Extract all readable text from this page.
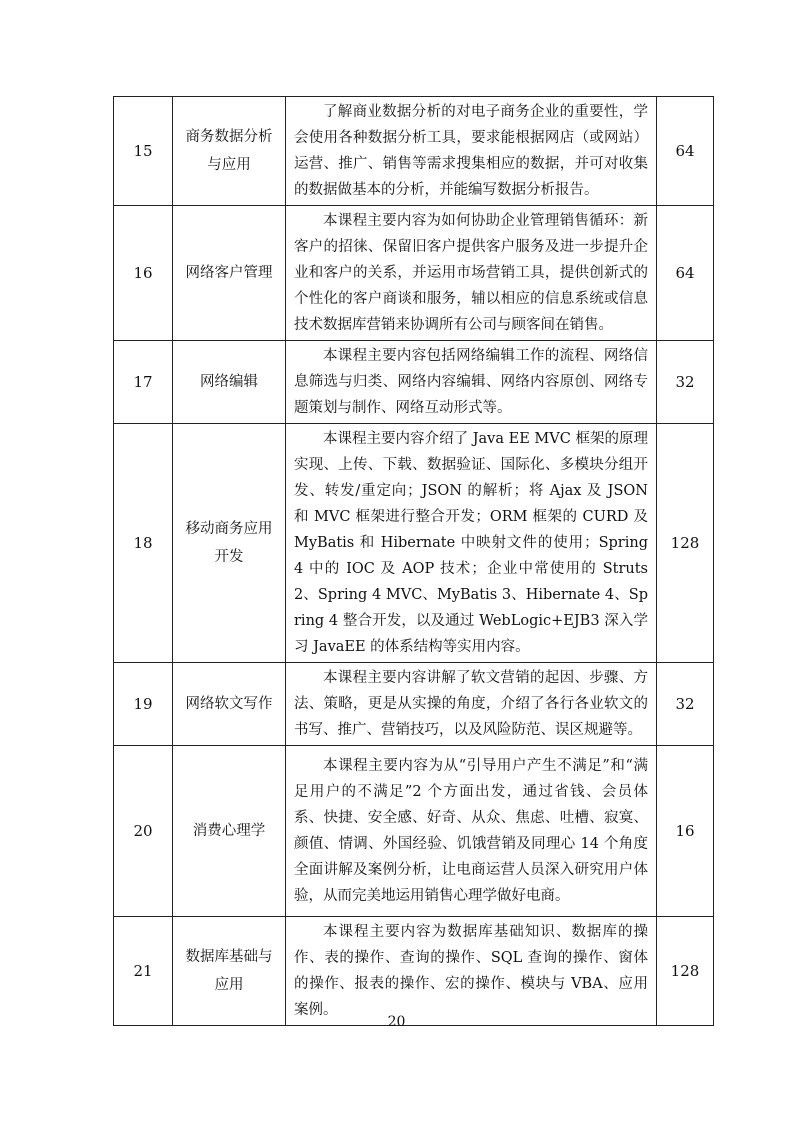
15	商务数据分析与应用	了解商业数据分析的对电子商务企业的重要性，学会使用各种数据分析工具，要求能根据网店（或网站）运营、推广、销售等需求搜集相应的数据，并可对收集的数据做基本的分析，并能编写数据分析报告。	64
16	网络客户管理	本课程主要内容为如何协助企业管理销售循环：新客户的招徕、保留旧客户提供客户服务及进一步提升企业和客户的关系，并运用市场营销工具，提供创新式的个性化的客户商谈和服务，辅以相应的信息系统或信息技术数据库营销来协调所有公司与顾客间在销售。	64
17	网络编辑	本课程主要内容包括网络编辑工作的流程、网络信息筛选与归类、网络内容编辑、网络内容原创、网络专题策划与制作、网络互动形式等。	32
18	移动商务应用开发	本课程主要内容介绍了 Java EE MVC 框架的原理实现、上传、下载、数据验证、国际化、多模块分组开发、转发/重定向；JSON 的解析；将 Ajax 及 JSON 和 MVC 框架进行整合开发；ORM 框架的 CURD 及 MyBatis 和 Hibernate 中映射文件的使用；Spring 4 中的 IOC 及 AOP 技术；企业中常使用的 Struts 2、Spring 4 MVC、MyBatis 3、Hibernate 4、Spring 4 整合开发，以及通过 WebLogic+EJB3 深入学习 JavaEE 的体系结构等实用内容。	128
19	网络软文写作	本课程主要内容讲解了软文营销的起因、步骤、方法、策略，更是从实操的角度，介绍了各行各业软文的书写、推广、营销技巧，以及风险防范、误区规避等。	32
20	消费心理学	本课程主要内容为从“引导用户产生不满足”和“满足用户的不满足”2 个方面出发，通过省钱、会员体系、快捷、安全感、好奇、从众、焦虑、吐槽、寂寞、颜值、情调、外国经验、饥饿营销及同理心 14 个角度全面讲解及案例分析，让电商运营人员深入研究用户体验，从而完美地运用销售心理学做好电商。	16
21	数据库基础与应用	本课程主要内容为数据库基础知识、数据库的操作、表的操作、查询的操作、SQL 查询的操作、窗体的操作、报表的操作、宏的操作、模块与 VBA、应用案例。	128
20
